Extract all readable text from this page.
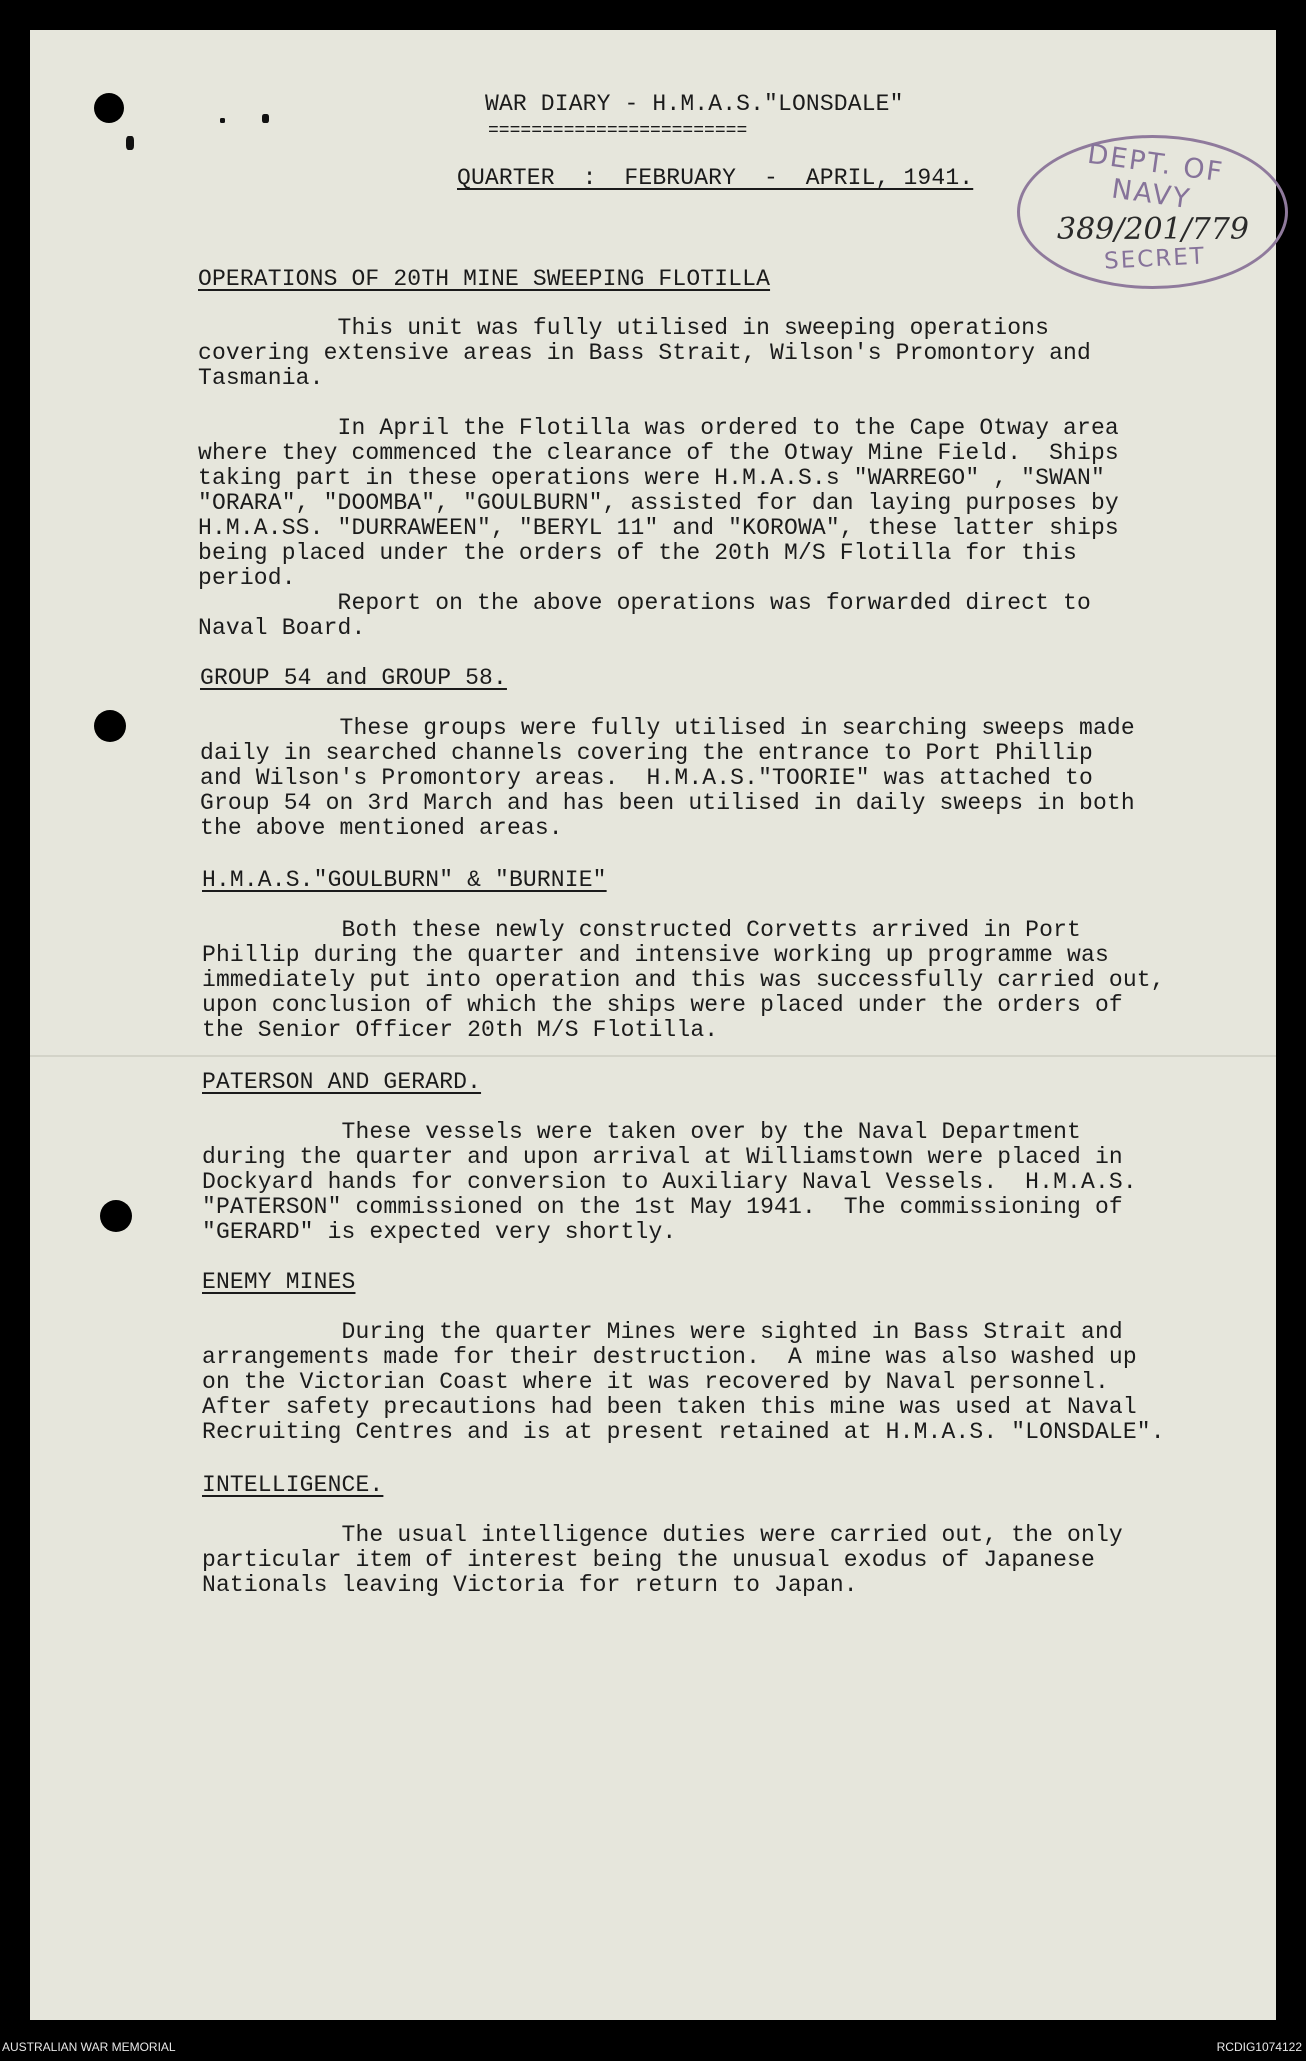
WAR DIARY - H.M.A.S."LONSDALE"
========================
QUARTER  :  FEBRUARY  -  APRIL, 1941.	DEPT. OF NAVY
SECRET
389/201/779
OPERATIONS OF 20TH MINE SWEEPING FLOTILLA
This unit was fully utilised in sweeping operations
covering extensive areas in Bass Strait, Wilson's Promontory and
Tasmania.
In April the Flotilla was ordered to the Cape Otway area
where they commenced the clearance of the Otway Mine Field.  Ships
taking part in these operations were H.M.A.S.s "WARREGO" , "SWAN"
"ORARA", "DOOMBA", "GOULBURN", assisted for dan laying purposes by
H.M.A.SS. "DURRAWEEN", "BERYL 11" and "KOROWA", these latter ships
being placed under the orders of the 20th M/S Flotilla for this
period.
Report on the above operations was forwarded direct to
Naval Board.
GROUP 54 and GROUP 58.
These groups were fully utilised in searching sweeps made
daily in searched channels covering the entrance to Port Phillip
and Wilson's Promontory areas.  H.M.A.S."TOORIE" was attached to
Group 54 on 3rd March and has been utilised in daily sweeps in both
the above mentioned areas.
H.M.A.S."GOULBURN" & "BURNIE"
Both these newly constructed Corvetts arrived in Port
Phillip during the quarter and intensive working up programme was
immediately put into operation and this was successfully carried out,
upon conclusion of which the ships were placed under the orders of
the Senior Officer 20th M/S Flotilla.
PATERSON AND GERARD.
These vessels were taken over by the Naval Department
during the quarter and upon arrival at Williamstown were placed in
Dockyard hands for conversion to Auxiliary Naval Vessels.  H.M.A.S.
"PATERSON" commissioned on the 1st May 1941.  The commissioning of
"GERARD" is expected very shortly.
ENEMY MINES
During the quarter Mines were sighted in Bass Strait and
arrangements made for their destruction.  A mine was also washed up
on the Victorian Coast where it was recovered by Naval personnel.
After safety precautions had been taken this mine was used at Naval
Recruiting Centres and is at present retained at H.M.A.S. "LONSDALE".
INTELLIGENCE.
The usual intelligence duties were carried out, the only
particular item of interest being the unusual exodus of Japanese
Nationals leaving Victoria for return to Japan.
AUSTRALIAN WAR MEMORIAL	RCDIG1074122
